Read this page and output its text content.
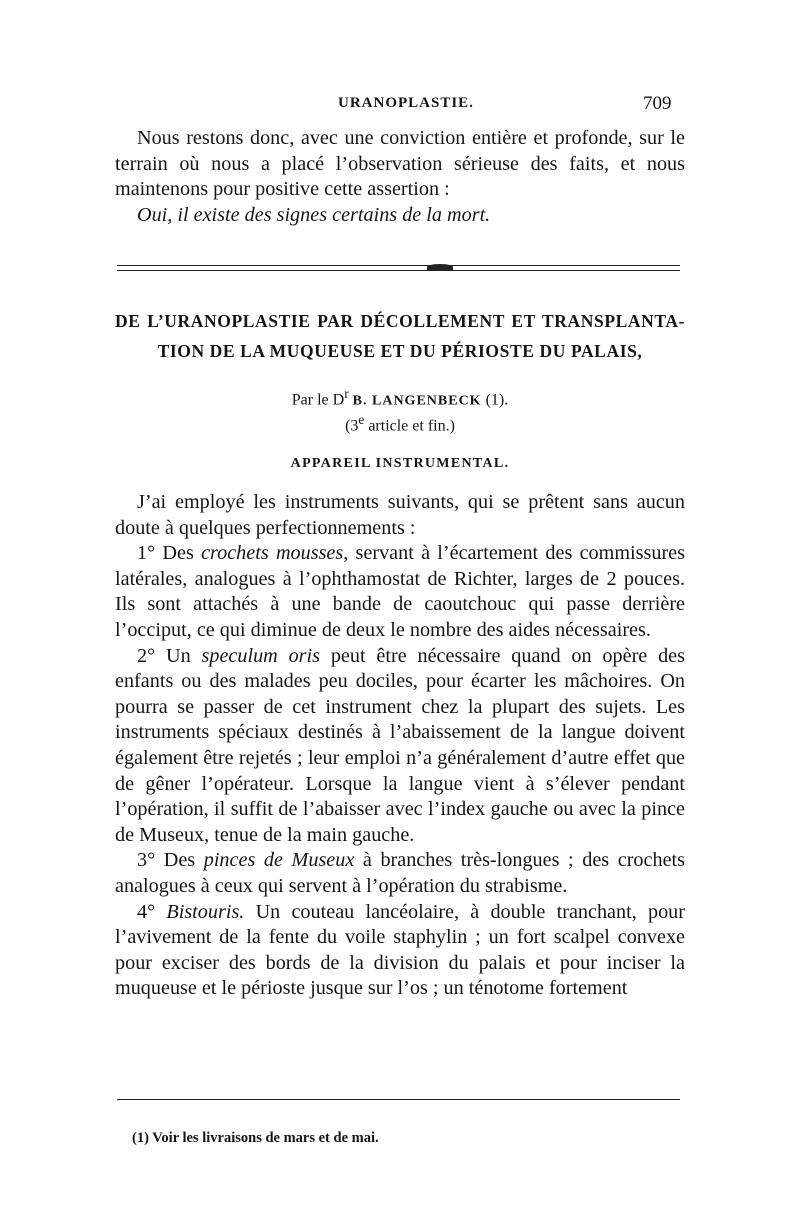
URANOPLASTIE.	709

Nous restons donc, avec une conviction entière et profonde, sur le terrain où nous a placé l’observation sérieuse des faits, et nous maintenons pour positive cette assertion :

Oui, il existe des signes certains de la mort.

DE L’URANOPLASTIE PAR DÉCOLLEMENT ET TRANSPLANTA-
TION DE LA MUQUEUSE ET DU PÉRIOSTE DU PALAIS,
Par le $D^r$ B. LANGENBECK (1).
(3e article et fin.)
APPAREIL INSTRUMENTAL.

J’ai employé les instruments suivants, qui se prêtent sans aucun doute à quelques perfectionnements :

1° Des crochets mousses, servant à l’écartement des commissures latérales, analogues à l’ophthamostat de Richter, larges de 2 pouces. Ils sont attachés à une bande de caoutchouc qui passe derrière l’occiput, ce qui diminue de deux le nombre des aides nécessaires.

2° Un speculum oris peut être nécessaire quand on opère des enfants ou des malades peu dociles, pour écarter les mâchoires. On pourra se passer de cet instrument chez la plupart des sujets. Les instruments spéciaux destinés à l’abaissement de la langue doivent également être rejetés ; leur emploi n’a généralement d’autre effet que de gêner l’opérateur. Lorsque la langue vient à s’élever pendant l’opération, il suffit de l’abaisser avec l’index gauche ou avec la pince de Museux, tenue de la main gauche.

3° Des pinces de Museux à branches très-longues ; des crochets analogues à ceux qui servent à l’opération du strabisme.

4° Bistouris. Un couteau lancéolaire, à double tranchant, pour l’avivement de la fente du voile staphylin ; un fort scalpel convexe pour exciser des bords de la division du palais et pour inciser la muqueuse et le périoste jusque sur l’os ; un ténotome fortement

(1) Voir les livraisons de mars et de mai.
